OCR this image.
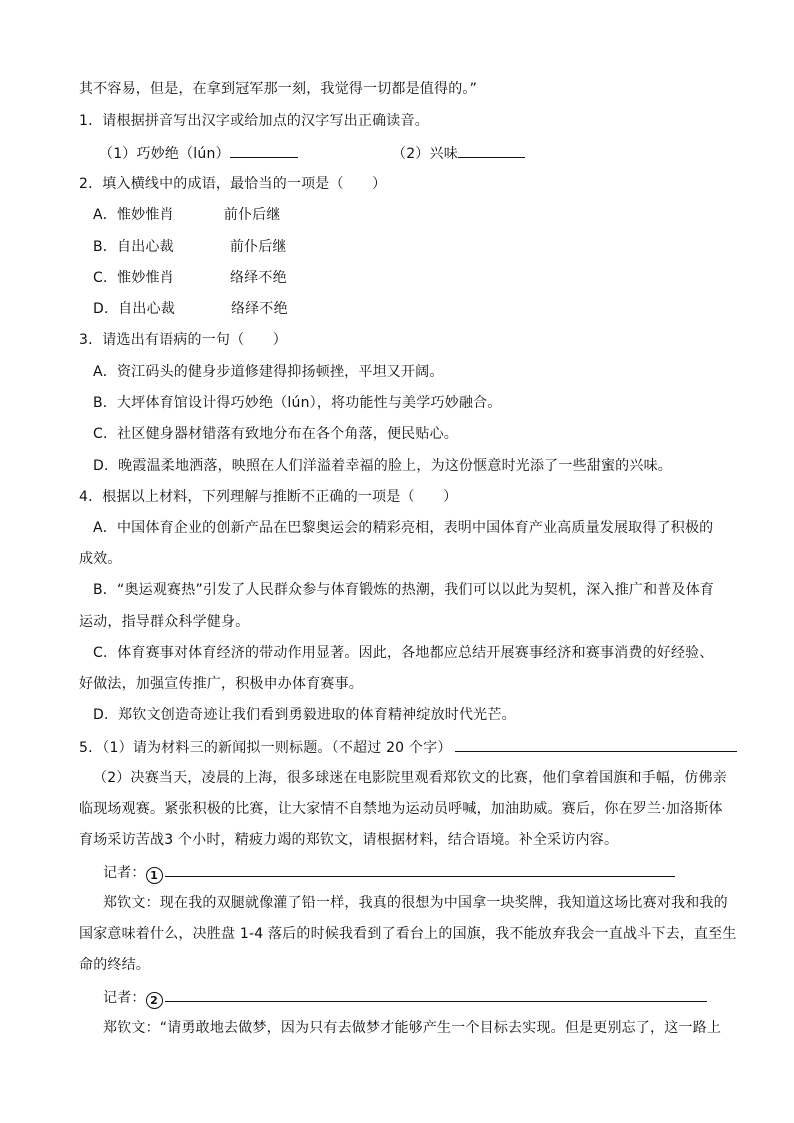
其不容易，但是，在拿到冠军那一刻，我觉得一切都是值得的。”
1．请根据拼音写出汉字或给加点的汉字写出正确读音。
（1）巧妙绝（lún）	（2）兴味
2．填入横线中的成语，最恰当的一项是（　　）
A．惟妙惟肖	前仆后继
B．自出心裁	前仆后继
C．惟妙惟肖	络绎不绝
D．自出心裁	络绎不绝
3．请选出有语病的一句（　　）
A．资江码头的健身步道修建得抑扬顿挫，平坦又开阔。
B．大坪体育馆设计得巧妙绝（lún），将功能性与美学巧妙融合。
C．社区健身器材错落有致地分布在各个角落，便民贴心。
D．晚霞温柔地洒落，映照在人们洋溢着幸福的脸上，为这份惬意时光添了一些甜蜜的兴味。
4．根据以上材料，下列理解与推断不正确的一项是（　　）
A．中国体育企业的创新产品在巴黎奥运会的精彩亮相，表明中国体育产业高质量发展取得了积极的
成效。
B．“奥运观赛热”引发了人民群众参与体育锻炼的热潮，我们可以以此为契机，深入推广和普及体育
运动，指导群众科学健身。
C．体育赛事对体育经济的带动作用显著。因此，各地都应总结开展赛事经济和赛事消费的好经验、
好做法，加强宣传推广，积极申办体育赛事。
D．郑钦文创造奇迹让我们看到勇毅进取的体育精神绽放时代光芒。
5．（1）请为材料三的新闻拟一则标题。（不超过 20 个字）
（2）决赛当天，凌晨的上海，很多球迷在电影院里观看郑钦文的比赛，他们拿着国旗和手幅，仿佛亲
临现场观赛。紧张积极的比赛，让大家情不自禁地为运动员呼喊，加油助威。赛后，你在罗兰·加洛斯体
育场采访苦战3 个小时，精疲力竭的郑钦文，请根据材料，结合语境。补全采访内容。
记者： 1
郑钦文：现在我的双腿就像灌了铅一样，我真的很想为中国拿一块奖牌，我知道这场比赛对我和我的
国家意味着什么，决胜盘 1-4 落后的时候我看到了看台上的国旗，我不能放弃我会一直战斗下去，直至生
命的终结。
记者： 2
郑钦文：“请勇敢地去做梦，因为只有去做梦才能够产生一个目标去实现。但是更别忘了，这一路上
